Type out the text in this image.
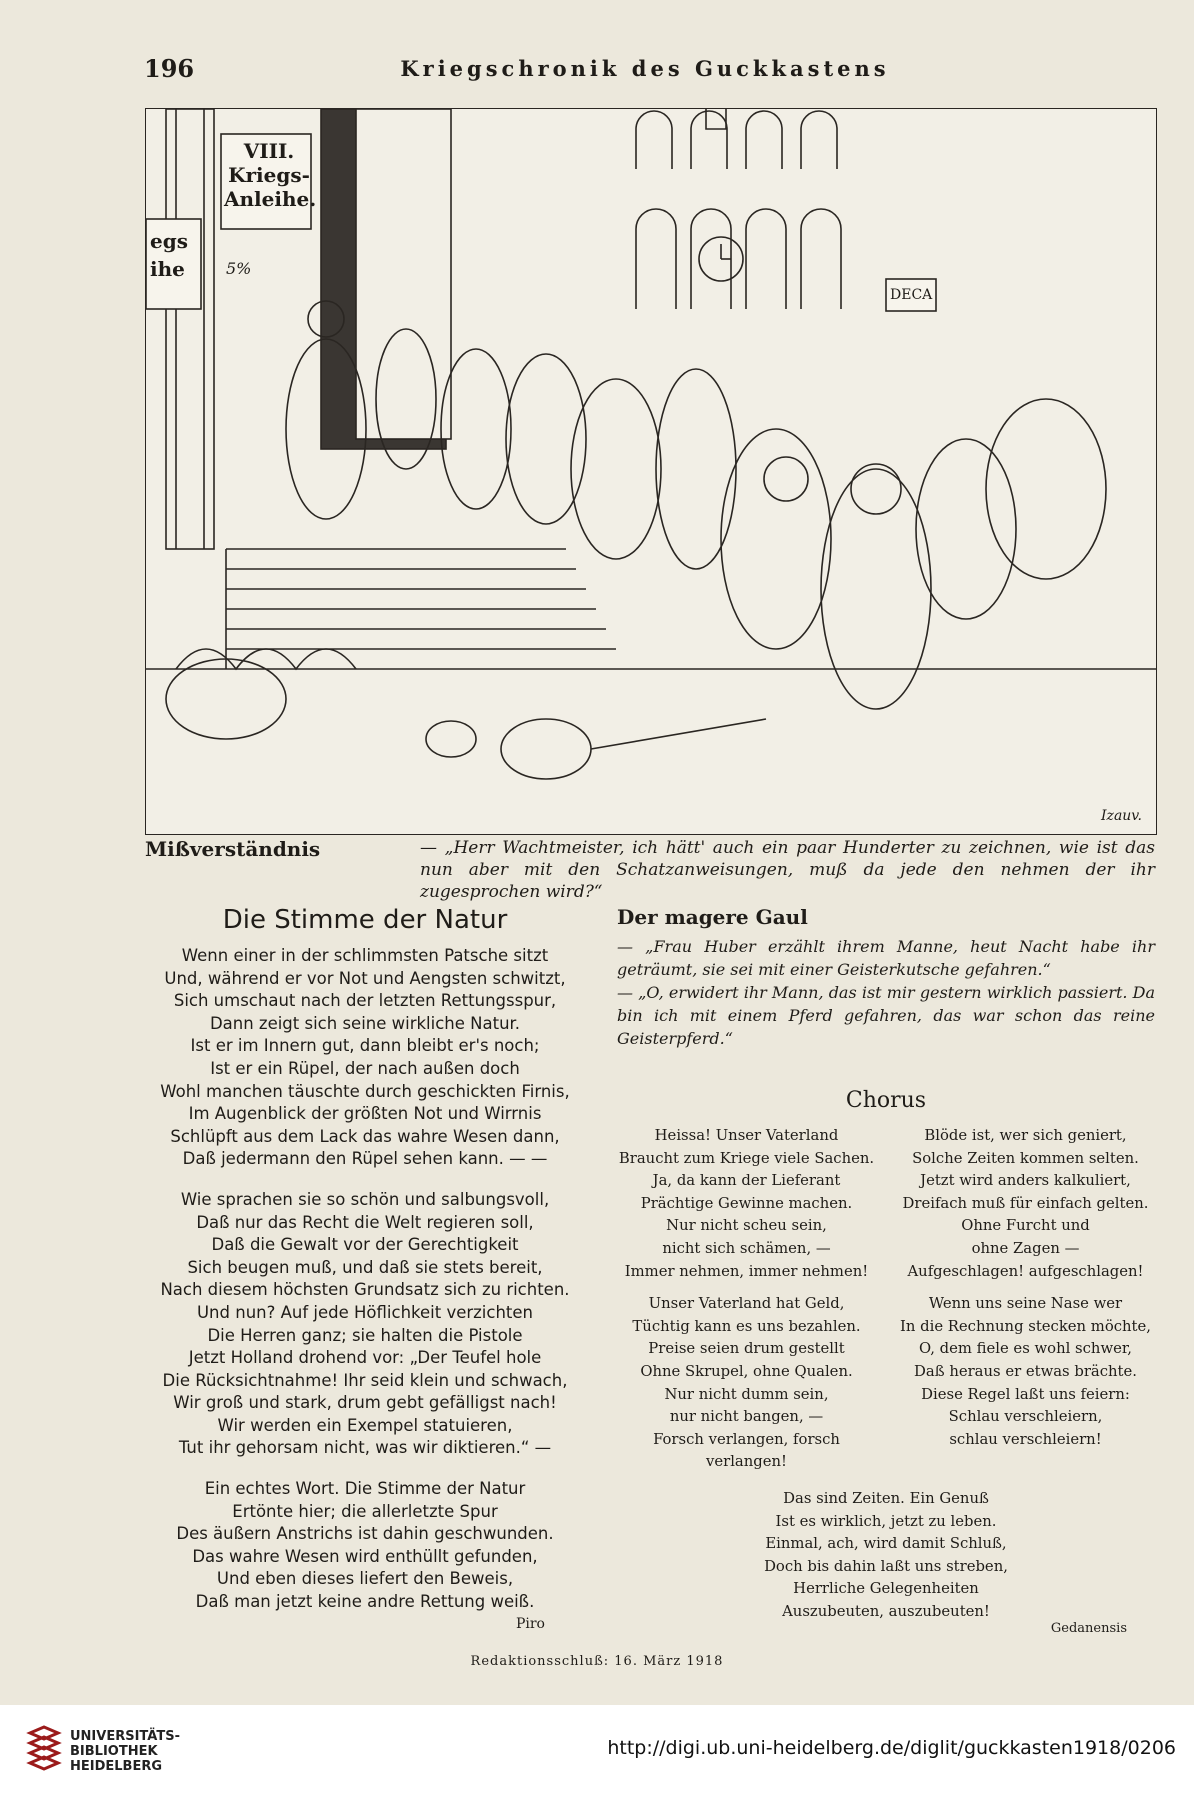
196	Kriegschronik des Guckkastens
VIII. Kriegs-
Anleihe.
egs
ihe	5%
DECA
Izauv.
Mißverständnis	— „Herr Wachtmeister, ich hätt' auch ein paar Hunderter zu zeichnen, wie ist das nun aber mit den Schatzanweisungen, muß da jede den nehmen der ihr zugesprochen wird?“
Die Stimme der Natur
Wenn einer in der schlimmsten Patsche sitzt
Und, während er vor Not und Aengsten schwitzt,
Sich umschaut nach der letzten Rettungsspur,
Dann zeigt sich seine wirkliche Natur.
Ist er im Innern gut, dann bleibt er's noch;
Ist er ein Rüpel, der nach außen doch
Wohl manchen täuschte durch geschickten Firnis,
Im Augenblick der größten Not und Wirrnis
Schlüpft aus dem Lack das wahre Wesen dann,
Daß jedermann den Rüpel sehen kann. — —
Wie sprachen sie so schön und salbungsvoll,
Daß nur das Recht die Welt regieren soll,
Daß die Gewalt vor der Gerechtigkeit
Sich beugen muß, und daß sie stets bereit,
Nach diesem höchsten Grundsatz sich zu richten.
Und nun? Auf jede Höflichkeit verzichten
Die Herren ganz; sie halten die Pistole
Jetzt Holland drohend vor: „Der Teufel hole
Die Rücksichtnahme! Ihr seid klein und schwach,
Wir groß und stark, drum gebt gefälligst nach!
Wir werden ein Exempel statuieren,
Tut ihr gehorsam nicht, was wir diktieren.“ —
Ein echtes Wort. Die Stimme der Natur
Ertönte hier; die allerletzte Spur
Des äußern Anstrichs ist dahin geschwunden.
Das wahre Wesen wird enthüllt gefunden,
Und eben dieses liefert den Beweis,
Daß man jetzt keine andre Rettung weiß.
Piro
Der magere Gaul

— „Frau Huber erzählt ihrem Manne, heut Nacht habe ihr geträumt, sie sei mit einer Geisterkutsche gefahren.“

— „O, erwidert ihr Mann, das ist mir gestern wirklich passiert. Da bin ich mit einem Pferd gefahren, das war schon das reine Geisterpferd.“

Chorus
Heissa! Unser Vaterland
Braucht zum Kriege viele Sachen.
Ja, da kann der Lieferant
Prächtige Gewinne machen.
Nur nicht scheu sein,
nicht sich schämen, —
Immer nehmen, immer nehmen!
Unser Vaterland hat Geld,
Tüchtig kann es uns bezahlen.
Preise seien drum gestellt
Ohne Skrupel, ohne Qualen.
Nur nicht dumm sein,
nur nicht bangen, —
Forsch verlangen, forsch verlangen!
Blöde ist, wer sich geniert,
Solche Zeiten kommen selten.
Jetzt wird anders kalkuliert,
Dreifach muß für einfach gelten.
Ohne Furcht und
ohne Zagen —
Aufgeschlagen! aufgeschlagen!
Wenn uns seine Nase wer
In die Rechnung stecken möchte,
O, dem fiele es wohl schwer,
Daß heraus er etwas brächte.
Diese Regel laßt uns feiern:
Schlau verschleiern,
schlau verschleiern!
Das sind Zeiten. Ein Genuß
Ist es wirklich, jetzt zu leben.
Einmal, ach, wird damit Schluß,
Doch bis dahin laßt uns streben,
Herrliche Gelegenheiten
Auszubeuten, auszubeuten!
Gedanensis
Redaktionsschluß: 16. März 1918
UNIVERSITÄTS-
BIBLIOTHEK
HEIDELBERG
http://digi.ub.uni-heidelberg.de/diglit/guckkasten1918/0206
